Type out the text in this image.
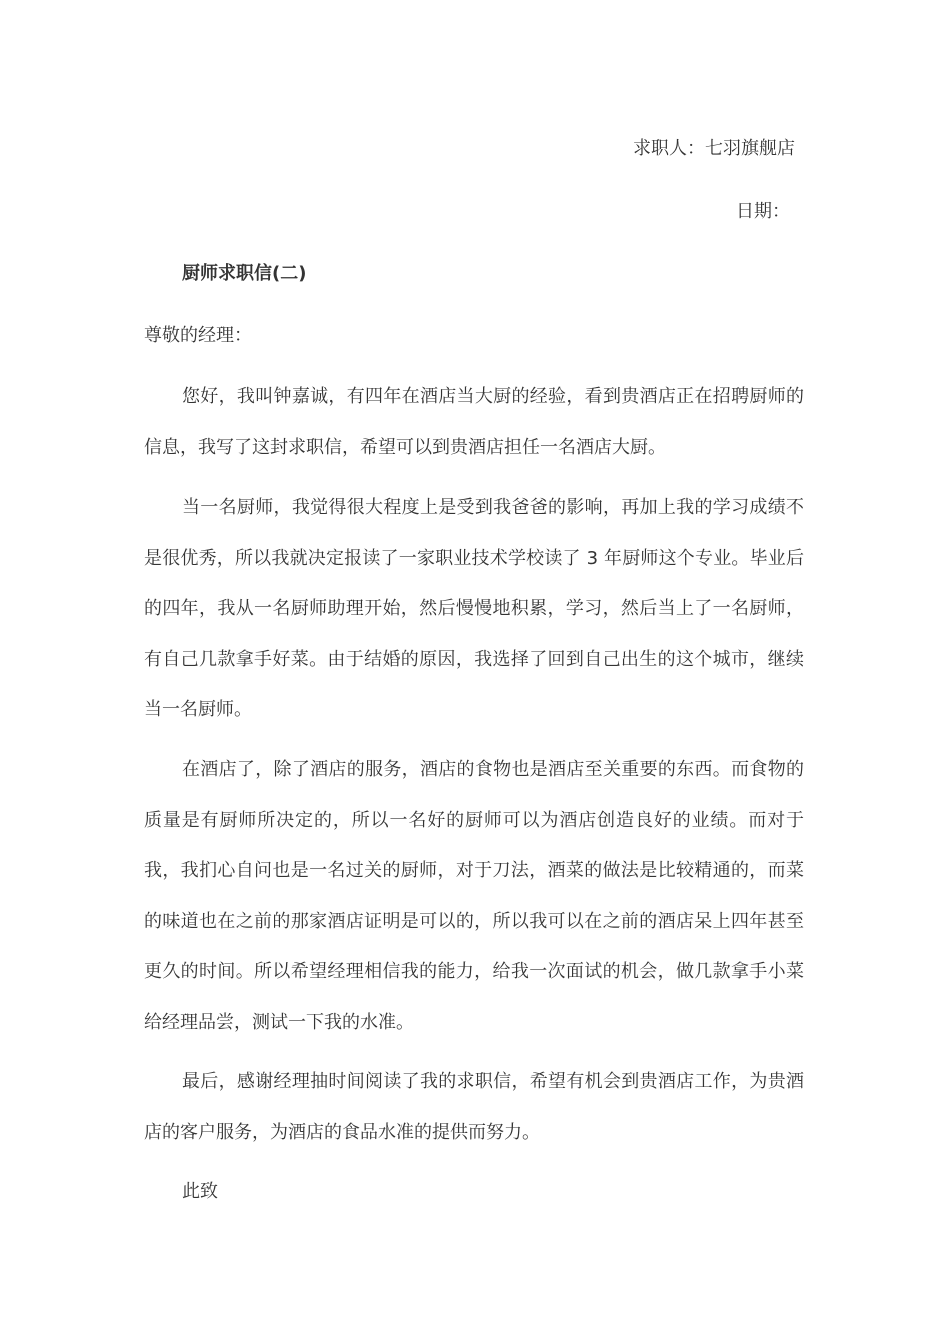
求职人：七羽旗舰店
日期：
厨师求职信(二)
尊敬的经理：

您好，我叫钟嘉诚，有四年在酒店当大厨的经验，看到贵酒店正在招聘厨师的信息，我写了这封求职信，希望可以到贵酒店担任一名酒店大厨。

当一名厨师，我觉得很大程度上是受到我爸爸的影响，再加上我的学习成绩不是很优秀，所以我就决定报读了一家职业技术学校读了 3 年厨师这个专业。毕业后的四年，我从一名厨师助理开始，然后慢慢地积累，学习，然后当上了一名厨师，有自己几款拿手好菜。由于结婚的原因，我选择了回到自己出生的这个城市，继续当一名厨师。

在酒店了，除了酒店的服务，酒店的食物也是酒店至关重要的东西。而食物的质量是有厨师所决定的，所以一名好的厨师可以为酒店创造良好的业绩。而对于我，我扪心自问也是一名过关的厨师，对于刀法，酒菜的做法是比较精通的，而菜的味道也在之前的那家酒店证明是可以的，所以我可以在之前的酒店呆上四年甚至更久的时间。所以希望经理相信我的能力，给我一次面试的机会，做几款拿手小菜给经理品尝，测试一下我的水准。

最后，感谢经理抽时间阅读了我的求职信，希望有机会到贵酒店工作，为贵酒店的客户服务，为酒店的食品水准的提供而努力。

此致
